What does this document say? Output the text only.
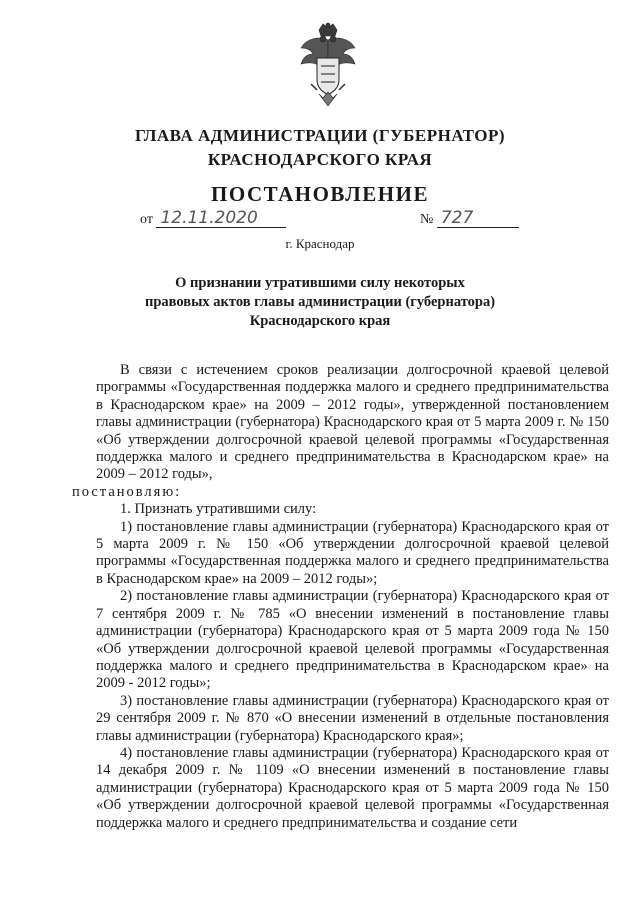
ГЛАВА АДМИНИСТРАЦИИ (ГУБЕРНАТОР)
КРАСНОДАРСКОГО КРАЯ
ПОСТАНОВЛЕНИЕ
от 12.11.2020	№ 727
г. Краснодар
О признании утратившими силу некоторых
правовых актов главы администрации (губернатора)
Краснодарского края

В связи с истечением сроков реализации долгосрочной краевой целевой программы «Государственная поддержка малого и среднего предпринимательства в Краснодарском крае» на 2009 – 2012 годы», утвержденной постановлением главы администрации (губернатора) Краснодарского края от 5 марта 2009 г. № 150 «Об утверждении долгосрочной краевой целевой программы «Государственная поддержка малого и среднего предпринимательства в Краснодарском крае» на 2009 – 2012 годы»,
постановляю:

1. Признать утратившими силу:

1) постановление главы администрации (губернатора) Краснодарского края от 5 марта 2009 г. № 150 «Об утверждении долгосрочной краевой целевой программы «Государственная поддержка малого и среднего предпринимательства в Краснодарском крае» на 2009 – 2012 годы»;

2) постановление главы администрации (губернатора) Краснодарского края от 7 сентября 2009 г. № 785 «О внесении изменений в постановление главы администрации (губернатора) Краснодарского края от 5 марта 2009 года № 150 «Об утверждении долгосрочной краевой целевой программы «Государственная поддержка малого и среднего предпринимательства в Краснодарском крае» на 2009 - 2012 годы»;

3) постановление главы администрации (губернатора) Краснодарского края от 29 сентября 2009 г. № 870 «О внесении изменений в отдельные постановления главы администрации (губернатора) Краснодарского края»;

4) постановление главы администрации (губернатора) Краснодарского края от 14 декабря 2009 г. № 1109 «О внесении изменений в постановление главы администрации (губернатора) Краснодарского края от 5 марта 2009 года № 150 «Об утверждении долгосрочной краевой целевой программы «Государственная поддержка малого и среднего предпринимательства и создание сети
